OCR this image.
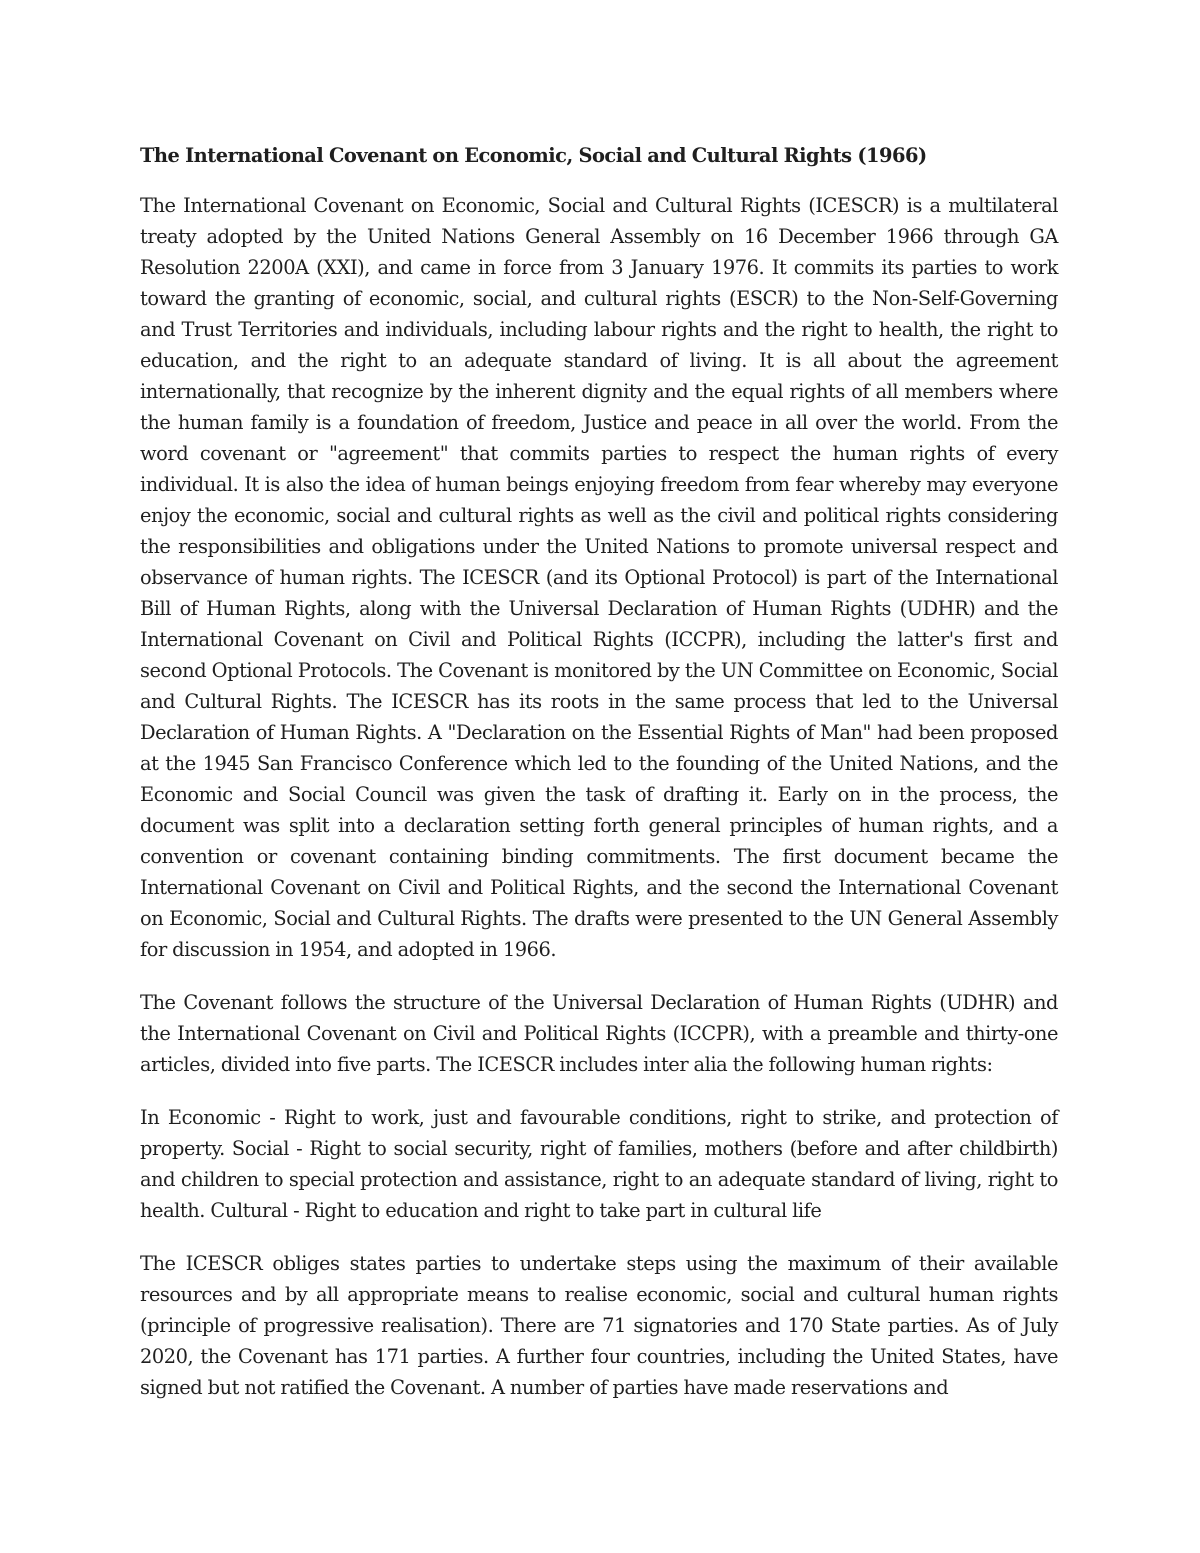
The International Covenant on Economic, Social and Cultural Rights (1966)

The International Covenant on Economic, Social and Cultural Rights (ICESCR) is a multilateral treaty adopted by the United Nations General Assembly on 16 December 1966 through GA Resolution 2200A (XXI), and came in force from 3 January 1976. It commits its parties to work toward the granting of economic, social, and cultural rights (ESCR) to the Non-Self-Governing and Trust Territories and individuals, including labour rights and the right to health, the right to education, and the right to an adequate standard of living. It is all about the agreement internationally, that recognize by the inherent dignity and the equal rights of all members where the human family is a foundation of freedom, Justice and peace in all over the world. From the word covenant or "agreement" that commits parties to respect the human rights of every individual. It is also the idea of human beings enjoying freedom from fear whereby may everyone enjoy the economic, social and cultural rights as well as the civil and political rights considering the responsibilities and obligations under the United Nations to promote universal respect and observance of human rights. The ICESCR (and its Optional Protocol) is part of the International Bill of Human Rights, along with the Universal Declaration of Human Rights (UDHR) and the International Covenant on Civil and Political Rights (ICCPR), including the latter's first and second Optional Protocols. The Covenant is monitored by the UN Committee on Economic, Social and Cultural Rights. The ICESCR has its roots in the same process that led to the Universal Declaration of Human Rights. A "Declaration on the Essential Rights of Man" had been proposed at the 1945 San Francisco Conference which led to the founding of the United Nations, and the Economic and Social Council was given the task of drafting it. Early on in the process, the document was split into a declaration setting forth general principles of human rights, and a convention or covenant containing binding commitments. The first document became the International Covenant on Civil and Political Rights, and the second the International Covenant on Economic, Social and Cultural Rights. The drafts were presented to the UN General Assembly for discussion in 1954, and adopted in 1966.

The Covenant follows the structure of the Universal Declaration of Human Rights (UDHR) and the International Covenant on Civil and Political Rights (ICCPR), with a preamble and thirty-one articles, divided into five parts. The ICESCR includes inter alia the following human rights:

In Economic - Right to work, just and favourable conditions, right to strike, and protection of property. Social - Right to social security, right of families, mothers (before and after childbirth) and children to special protection and assistance, right to an adequate standard of living, right to health. Cultural - Right to education and right to take part in cultural life

The ICESCR obliges states parties to undertake steps using the maximum of their available resources and by all appropriate means to realise economic, social and cultural human rights (principle of progressive realisation). There are 71 signatories and 170 State parties. As of July 2020, the Covenant has 171 parties. A further four countries, including the United States, have signed but not ratified the Covenant. A number of parties have made reservations and
